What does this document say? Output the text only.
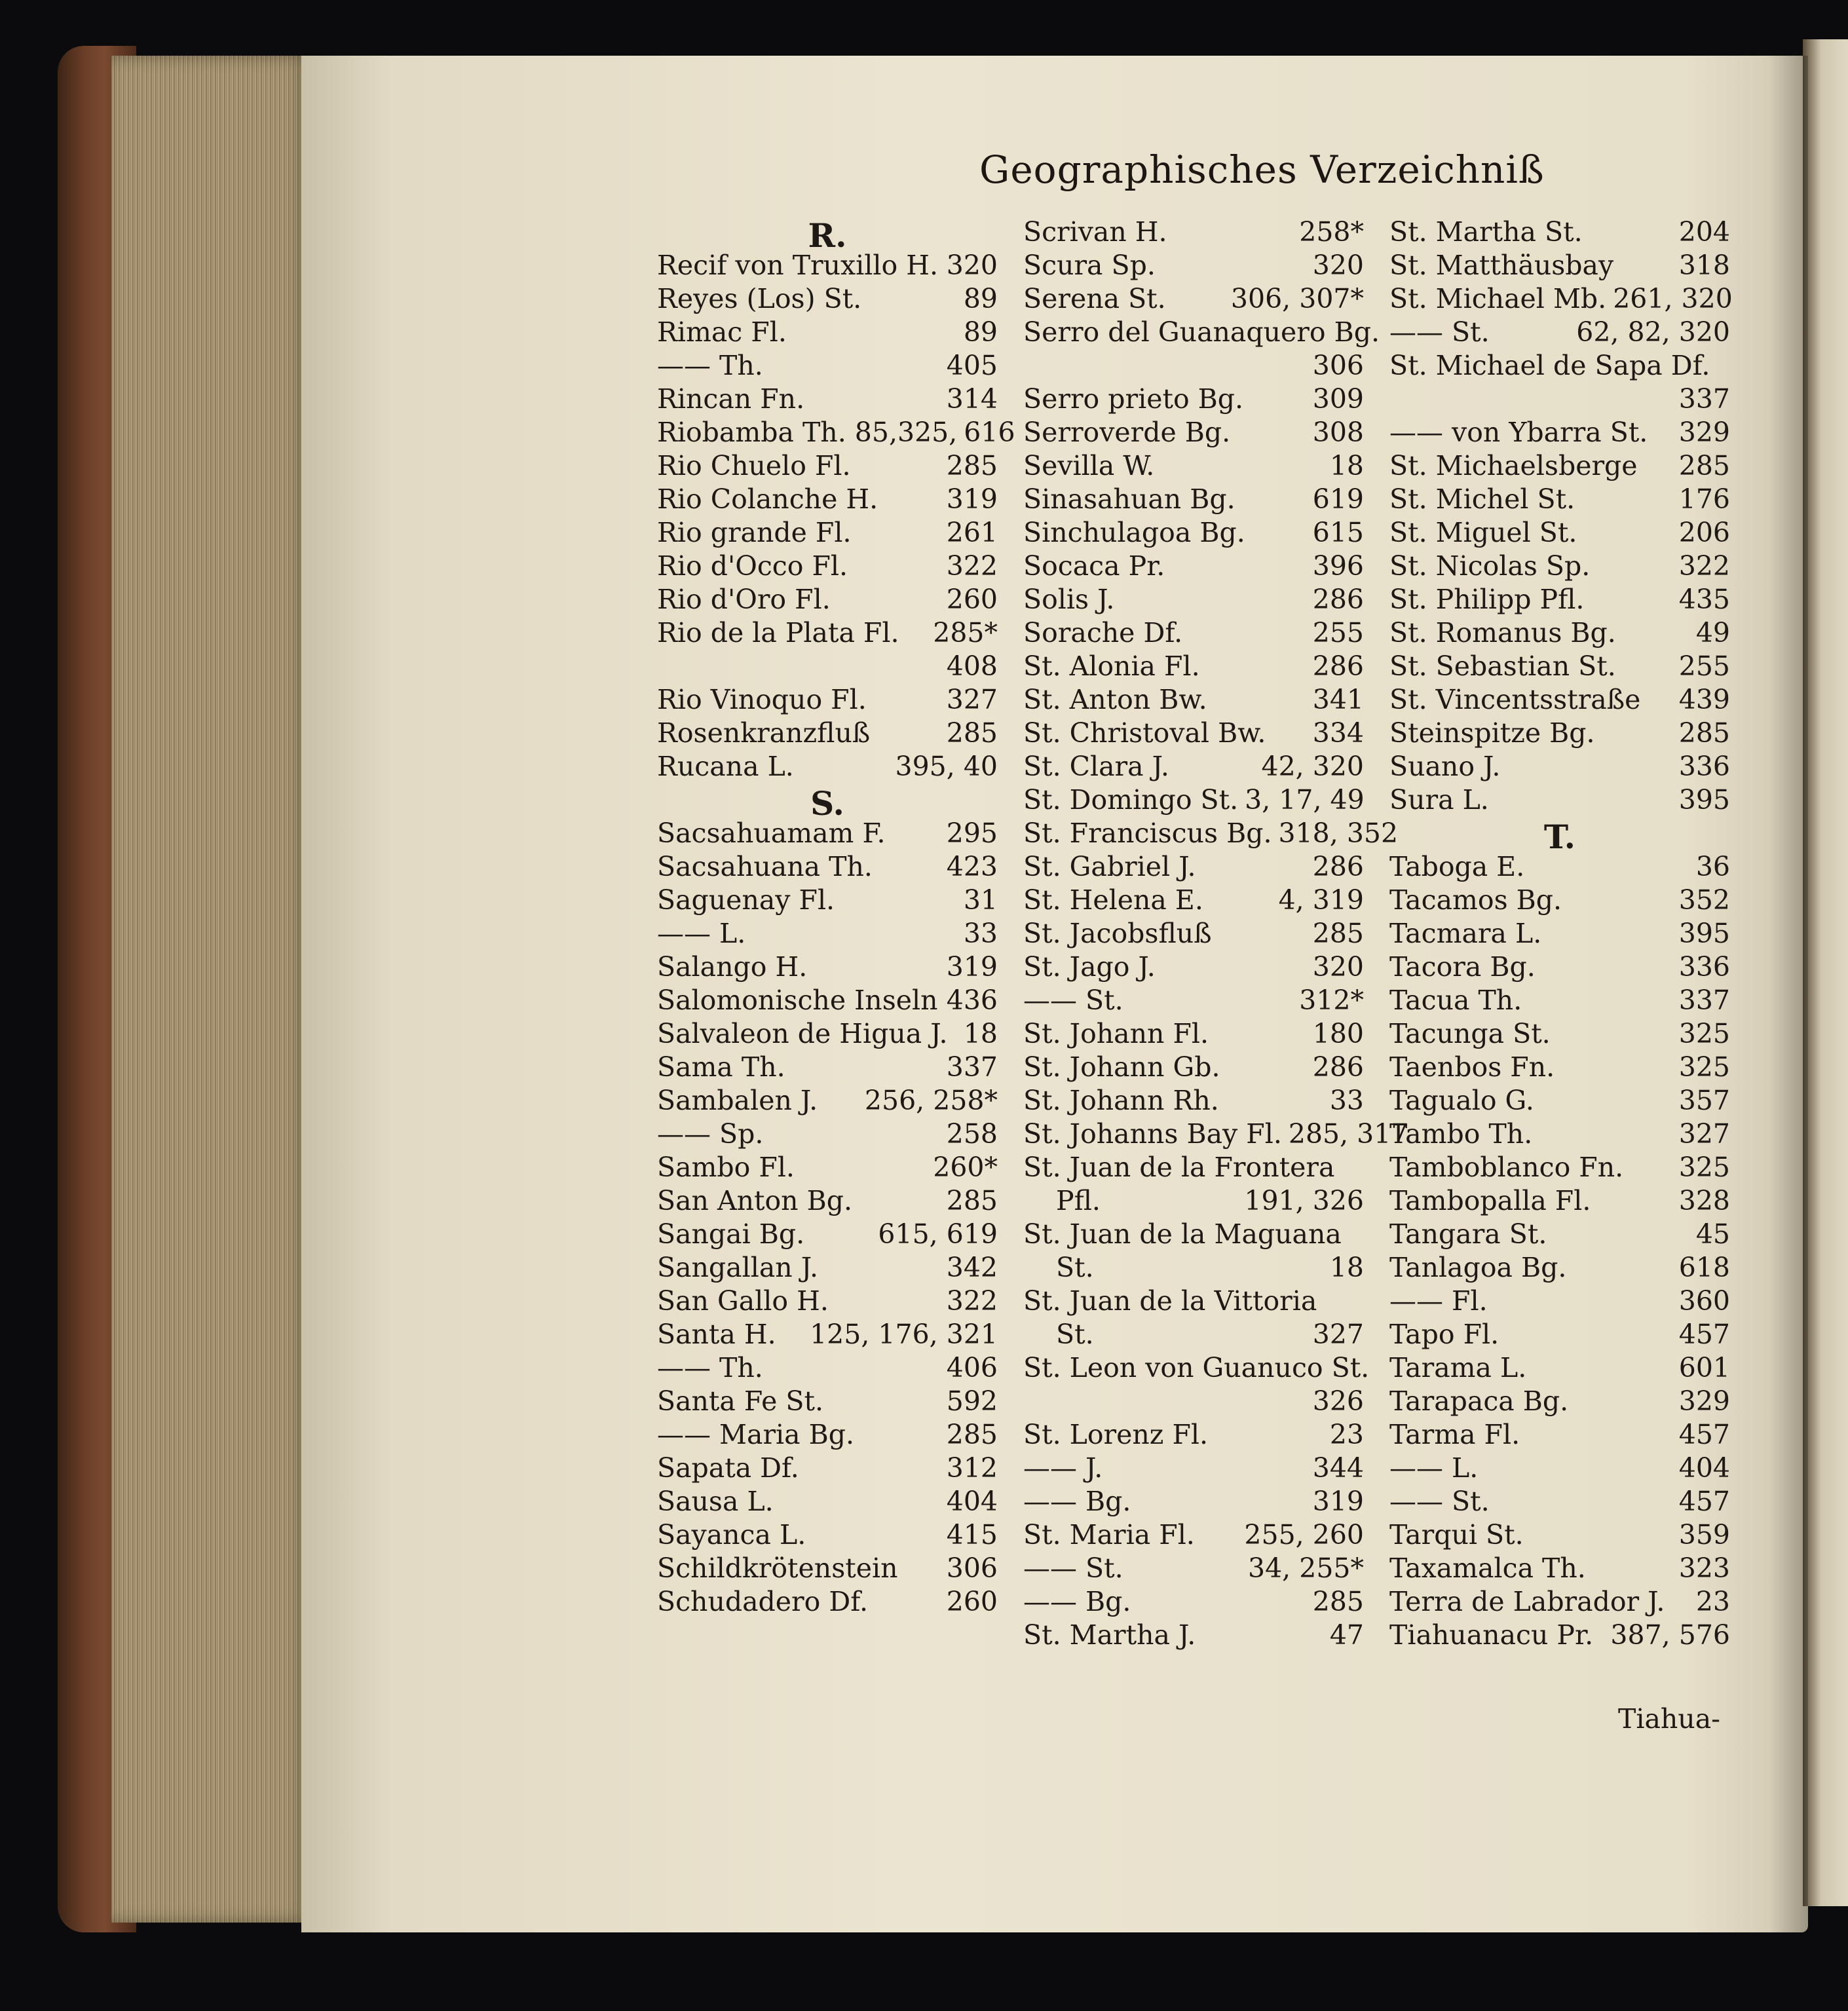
Geographisches Verzeichniß
R.
Recif von Truxillo H. 320
Reyes (Los) St.	89
Rimac Fl.	89
—— Th.	405
Rincan Fn.	314
Riobamba Th. 85,325, 616
Rio Chuelo Fl.	285
Rio Colanche H.	319
Rio grande Fl.	261
Rio d'Occo Fl.	322
Rio d'Oro Fl.	260
Rio de la Plata Fl. 285*
408
Rio Vinoquo Fl.	327
Rosenkranzfluß	285
Rucana L.	395, 40
S.
Sacsahuamam F. 295
Sacsahuana Th.	423
Saguenay Fl.	31
—— L.	33
Salango H.	319
Salomonische Inseln 436
Salvaleon de Higua J. 18
Sama Th.	337
Sambalen J. 256, 258*
—— Sp.	258
Sambo Fl.	260*
San Anton Bg.	285
Sangai Bg.	615, 619
Sangallan J.	342
San Gallo H.	322
Santa H. 125, 176, 321
—— Th.	406
Santa Fe St.	592
—— Maria Bg.	285
Sapata Df.	312
Sausa L.	404
Sayanca L.	415
Schildkrötenstein 306
Schudadero Df.	260
Scrivan H.	258*
Scura Sp.	320
Serena St. 306, 307*
Serro del Guanaquero Bg.
306
Serro prieto Bg.	309
Serroverde Bg.	308
Sevilla W.	18
Sinasahuan Bg.	619
Sinchulagoa Bg.	615
Socaca Pr.	396
Solis J.	286
Sorache Df.	255
St. Alonia Fl.	286
St. Anton Bw.	341
St. Christoval Bw. 334
St. Clara J.	42, 320
St. Domingo St. 3, 17, 49
St. Franciscus Bg. 318, 352
St. Gabriel J.	286
St. Helena E.	4, 319
St. Jacobsfluß	285
St. Jago J.	320
—— St.	312*
St. Johann Fl.	180
St. Johann Gb.	286
St. Johann Rh.	33
St. Johanns Bay Fl. 285, 317
St. Juan de la Frontera
Pfl.	191, 326
St. Juan de la Maguana
St.	18
St. Juan de la Vittoria
St.	327
St. Leon von Guanuco St.
326
St. Lorenz Fl.	23
—— J.	344
—— Bg.	319
St. Maria Fl. 255, 260
—— St.	34, 255*
—— Bg.	285
St. Martha J.	47
St. Martha St.	204
St. Matthäusbay 318
St. Michael Mb. 261, 320
—— St.	62, 82, 320
St. Michael de Sapa Df.
337
—— von Ybarra St. 329
St. Michaelsberge 285
St. Michel St.	176
St. Miguel St.	206
St. Nicolas Sp.	322
St. Philipp Pfl.	435
St. Romanus Bg.	49
St. Sebastian St. 255
St. Vincentsstraße 439
Steinspitze Bg.	285
Suano J.	336
Sura L.	395
T.
Taboga E.	36
Tacamos Bg.	352
Tacmara L.	395
Tacora Bg.	336
Tacua Th.	337
Tacunga St.	325
Taenbos Fn.	325
Tagualo G.	357
Tambo Th.	327
Tamboblanco Fn. 325
Tambopalla Fl.	328
Tangara St.	45
Tanlagoa Bg.	618
—— Fl.	360
Tapo Fl.	457
Tarama L.	601
Tarapaca Bg.	329
Tarma Fl.	457
—— L.	404
—— St.	457
Tarqui St.	359
Taxamalca Th.	323
Terra de Labrador J. 23
Tiahuanacu Pr. 387, 576
Tiahua-
